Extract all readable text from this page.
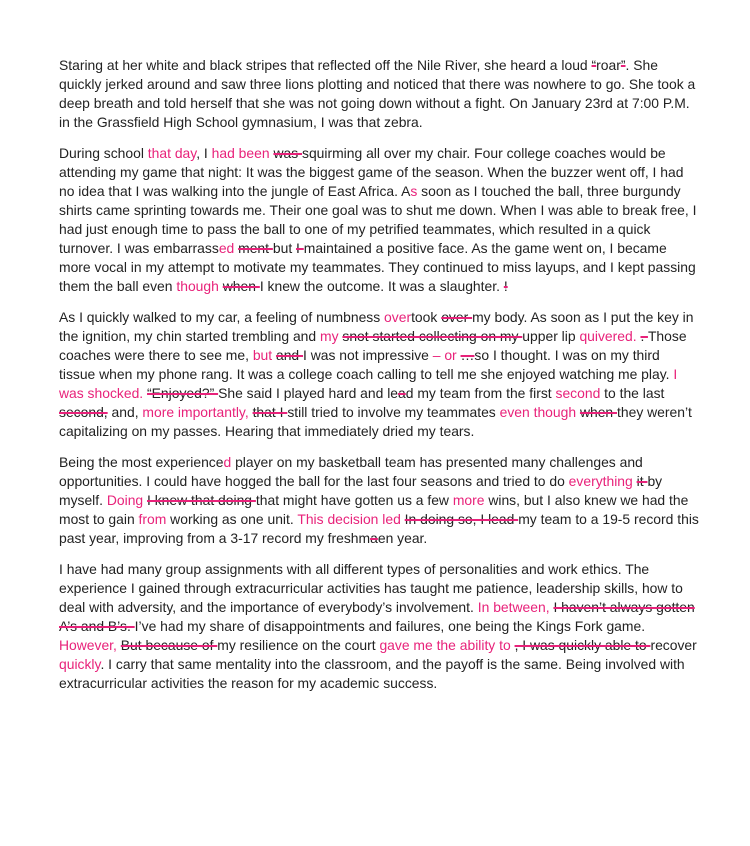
Staring at her white and black stripes that reflected off the Nile River, she heard a loud “roar”. She quickly jerked around and saw three lions plotting and noticed that there was nowhere to go. She took a deep breath and told herself that she was not going down without a fight. On January 23rd at 7:00 P.M. in the Grassfield High School gymnasium, I was that zebra.

During school that day, I had been was squirming all over my chair. Four college coaches would be attending my game that night: It was the biggest game of the season. When the buzzer went off, I had no idea that I was walking into the jungle of East Africa. As soon as I touched the ball, three burgundy shirts came sprinting towards me. Their one goal was to shut me down. When I was able to break free, I had just enough time to pass the ball to one of my petrified teammates, which resulted in a quick turnover. I was embarrassed ment but I maintained a positive face. As the game went on, I became more vocal in my attempt to motivate my teammates. They continued to miss layups, and I kept passing them the ball even though when I knew the outcome. It was a slaughter. !

As I quickly walked to my car, a feeling of numbness overtook over my body. As soon as I put the key in the ignition, my chin started trembling and my snot started collecting on my upper lip quivered. . Those coaches were there to see me, but and I was not impressive – or …so I thought. I was on my third tissue when my phone rang. It was a college coach calling to tell me she enjoyed watching me play. I was shocked. “Enjoyed?” She said I played hard and lead my team from the first second to the last second, and, more importantly, that I still tried to involve my teammates even though when they weren’t capitalizing on my passes. Hearing that immediately dried my tears.

Being the most experienced player on my basketball team has presented many challenges and opportunities. I could have hogged the ball for the last four seasons and tried to do everything it by myself. Doing I knew that doing that might have gotten us a few more wins, but I also knew we had the most to gain from working as one unit. This decision led In doing so, I lead my team to a 19-5 record this past year, improving from a 3-17 record my freshmaen year.

I have had many group assignments with all different types of personalities and work ethics. The experience I gained through extracurricular activities has taught me patience, leadership skills, how to deal with adversity, and the importance of everybody’s involvement. In between, I haven’t always gotten A’s and B’s. I’ve had my share of disappointments and failures, one being the Kings Fork game. However, But because of my resilience on the court gave me the ability to , I was quickly able to recover quickly. I carry that same mentality into the classroom, and the payoff is the same. Being involved with extracurricular activities the reason for my academic success.
